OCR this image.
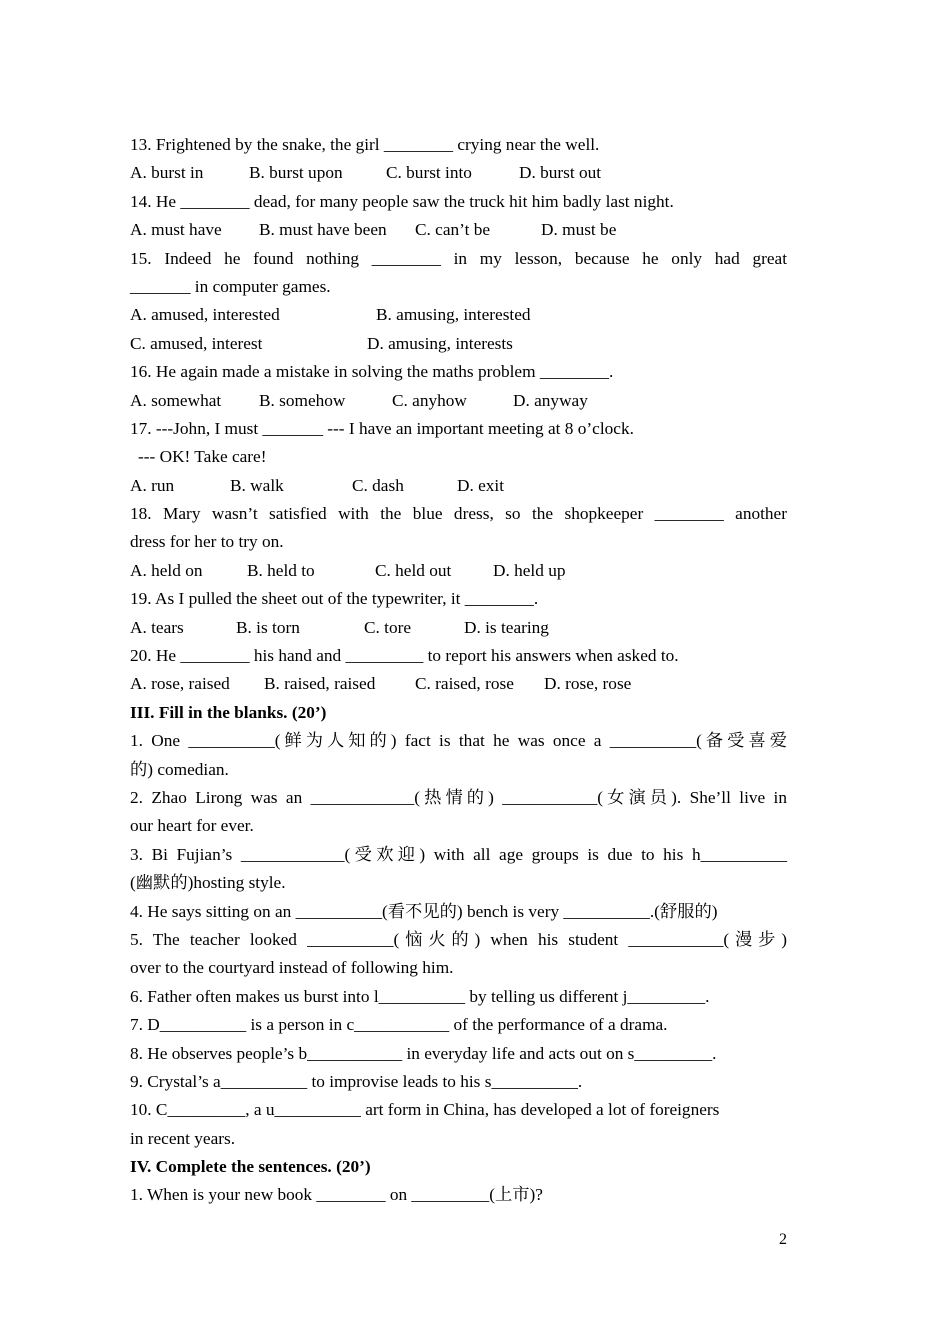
13. Frightened by the snake, the girl ________ crying near the well.
A. burst in	B. burst upon	C. burst into	D. burst out
14. He ________ dead, for many people saw the truck hit him badly last night.
A. must have	B. must have been	C. can’t be	D. must be
15. Indeed he found nothing ________ in my lesson, because he only had great
_______ in computer games.
A. amused, interested	B. amusing, interested
C. amused, interest	D. amusing, interests
16. He again made a mistake in solving the maths problem ________.
A. somewhat	B. somehow	C. anyhow	D. anyway
17. ---John, I must _______ --- I have an important meeting at 8 o’clock.
--- OK! Take care!
A. run	B. walk	C. dash	D. exit
18. Mary wasn’t satisfied with the blue dress, so the shopkeeper ________ another
dress for her to try on.
A. held on	B. held to	C. held out	D. held up
19. As I pulled the sheet out of the typewriter, it ________.
A. tears	B. is torn	C. tore	D. is tearing
20. He ________ his hand and _________ to report his answers when asked to.
A. rose, raised	B. raised, raised	C. raised, rose	D. rose, rose
III. Fill in the blanks. (20’)
1. One __________(鲜为人知的) fact is that he was once a __________(备受喜爱
的) comedian.
2. Zhao Lirong was an ____________(热情的) ___________(女演员). She’ll live in
our heart for ever.
3. Bi Fujian’s ____________(受欢迎) with all age groups is due to his h__________
(幽默的)hosting style.
4. He says sitting on an __________(看不见的) bench is very __________.(舒服的)
5. The teacher looked __________(恼火的) when his student ___________(漫步)
over to the courtyard instead of following him.
6. Father often makes us burst into l__________ by telling us different j_________.
7. D__________ is a person in c___________ of the performance of a drama.
8. He observes people’s b___________ in everyday life and acts out on s_________.
9. Crystal’s a__________ to improvise leads to his s__________.
10. C_________, a u__________ art form in China, has developed a lot of foreigners
in recent years.
IV. Complete the sentences. (20’)
1. When is your new book ________ on _________(上市)?
2
